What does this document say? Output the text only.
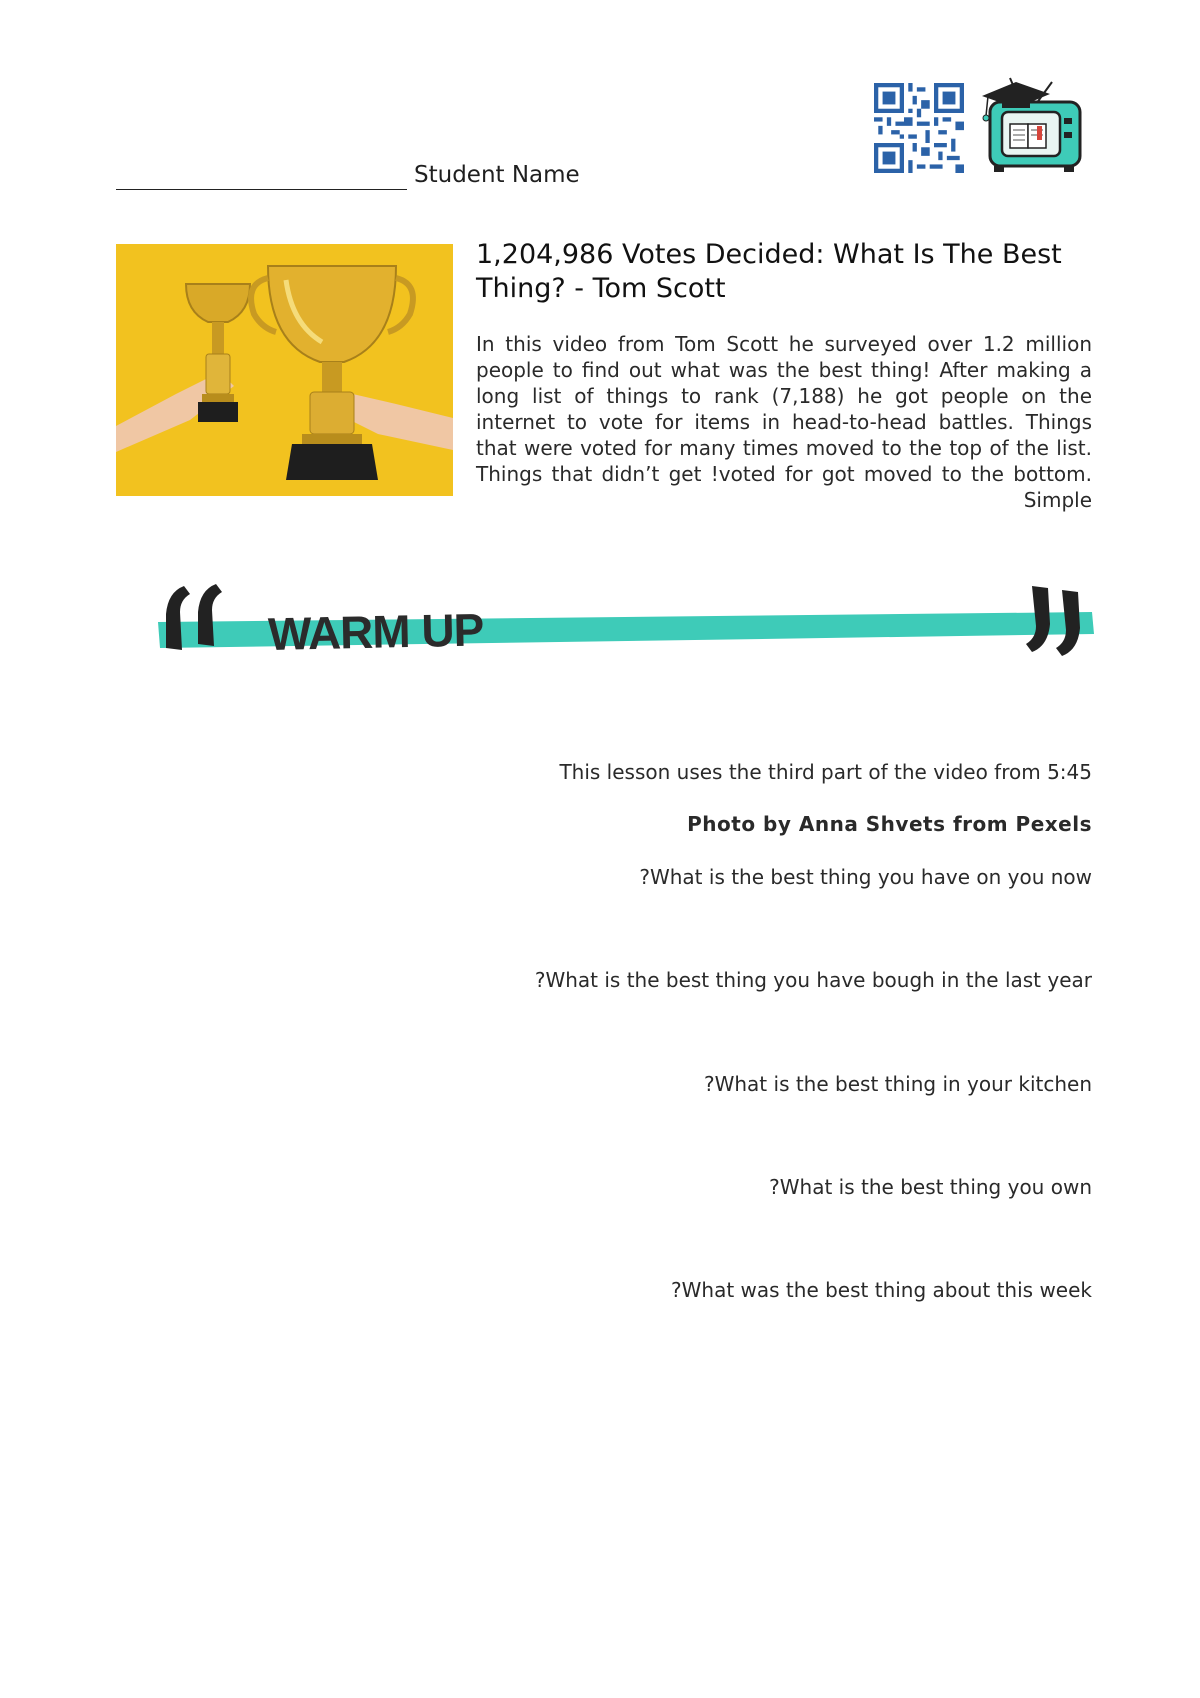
Student Name
1,204,986 Votes Decided: What Is The Best Thing? - Tom Scott
In this video from Tom Scott he surveyed over 1.2 million people to find out what was the best thing! After making a long list of things to rank (7,188) he got people on the internet to vote for items in head-to-head battles. Things that were voted for many times moved to the top of the list. Things that didn’t get !voted for got moved to the bottom. Simple
WARM UP
This lesson uses the third part of the video from 5:45
Photo by Anna Shvets from Pexels
?What is the best thing you have on you now
?What is the best thing you have bough in the last year
?What is the best thing in your kitchen
?What is the best thing you own
?What was the best thing about this week
